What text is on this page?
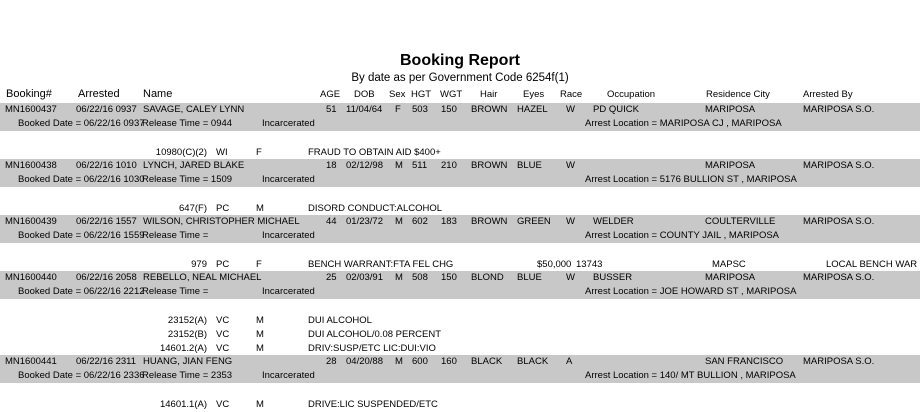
Booking Report
By date as per Government Code 6254f(1)
Booking# Arrested Name	AGE DOB Sex HGT WGT Hair	Eyes Race	Occupation	Residence City	Arrested By
MN1600437 06/22/16 0937 SAVAGE, CALEY LYNN	51 11/04/64 F 503 150 BROWN HAZEL W PD QUICK	MARIPOSA	MARIPOSA S.O.
Booked Date = 06/22/16 0937
Release Time = 0944	Incarcerated	Arrest Location = MARIPOSA CJ , MARIPOSA
10980(C)(2) WI	F	FRAUD TO OBTAIN AID $400+
MN1600438 06/22/16 1010 LYNCH, JARED BLAKE	18 02/12/98 M 511 210 BROWN BLUE	W	MARIPOSA	MARIPOSA S.O.
Booked Date = 06/22/16 1030
Release Time = 1509	Incarcerated	Arrest Location = 5176 BULLION ST , MARIPOSA
647(F) PC	M	DISORD CONDUCT:ALCOHOL
MN1600439 06/22/16 1557 WILSON, CHRISTOPHER MICHAEL	44 01/23/72 M 602 183 BROWN GREEN W WELDER	COULTERVILLE	MARIPOSA S.O.
Booked Date = 06/22/16 1559
Release Time =	Incarcerated	Arrest Location = COUNTY JAIL , MARIPOSA
979 PC	F	BENCH WARRANT:FTA FEL CHG	$50,000 13743	MAPSC	LOCAL BENCH WAR
MN1600440 06/22/16 2058 REBELLO, NEAL MICHAEL	25 02/03/91 M 508 150 BLOND BLUE	W BUSSER	MARIPOSA	MARIPOSA S.O.
Booked Date = 06/22/16 2212
Release Time =	Incarcerated	Arrest Location = JOE HOWARD ST , MARIPOSA
23152(A) VC	M	DUI ALCOHOL
23152(B) VC	M	DUI ALCOHOL/0.08 PERCENT
14601.2(A) VC	M	DRIV:SUSP/ETC LIC:DUI:VIO
MN1600441 06/22/16 2311 HUANG, JIAN FENG	28 04/20/88 M 600 160 BLACK BLACK A	SAN FRANCISCO MARIPOSA S.O.
Booked Date = 06/22/16 2336
Release Time = 2353	Incarcerated	Arrest Location = 140/ MT BULLION , MARIPOSA
14601.1(A) VC	M	DRIVE:LIC SUSPENDED/ETC
